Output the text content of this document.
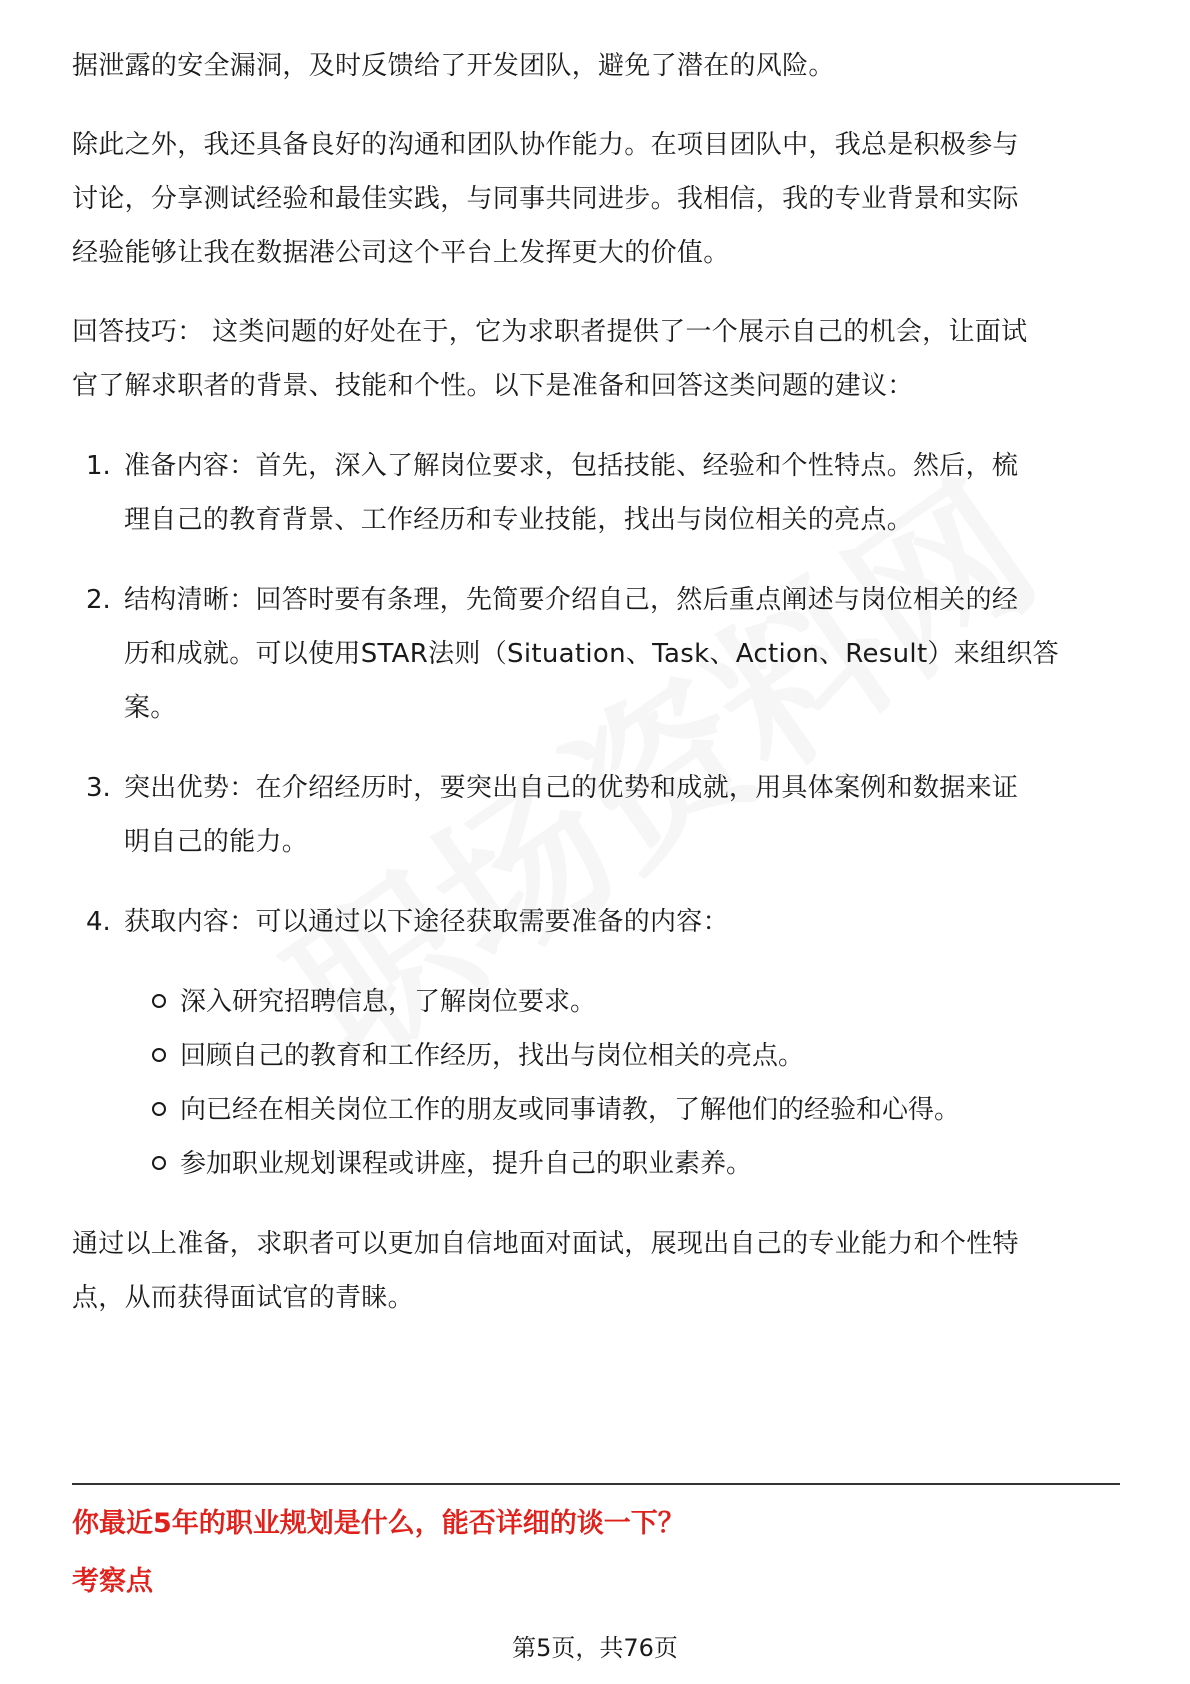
据泄露的安全漏洞，及时反馈给了开发团队，避免了潜在的风险。
除此之外，我还具备良好的沟通和团队协作能力。在项目团队中，我总是积极参与
讨论，分享测试经验和最佳实践，与同事共同进步。我相信，我的专业背景和实际
经验能够让我在数据港公司这个平台上发挥更大的价值。
回答技巧： 这类问题的好处在于，它为求职者提供了一个展示自己的机会，让面试
官了解求职者的背景、技能和个性。以下是准备和回答这类问题的建议：
1. 准备内容：首先，深入了解岗位要求，包括技能、经验和个性特点。然后，梳
理自己的教育背景、工作经历和专业技能，找出与岗位相关的亮点。
2. 结构清晰：回答时要有条理，先简要介绍自己，然后重点阐述与岗位相关的经
历和成就。可以使用STAR法则（Situation、Task、Action、Result）来组织答
案。
3. 突出优势：在介绍经历时，要突出自己的优势和成就，用具体案例和数据来证
明自己的能力。
4. 获取内容：可以通过以下途径获取需要准备的内容：
深入研究招聘信息，了解岗位要求。
回顾自己的教育和工作经历，找出与岗位相关的亮点。
向已经在相关岗位工作的朋友或同事请教，了解他们的经验和心得。
参加职业规划课程或讲座，提升自己的职业素养。
通过以上准备，求职者可以更加自信地面对面试，展现出自己的专业能力和个性特
点，从而获得面试官的青睐。
你最近5年的职业规划是什么，能否详细的谈一下？
考察点
第5页，共76页
